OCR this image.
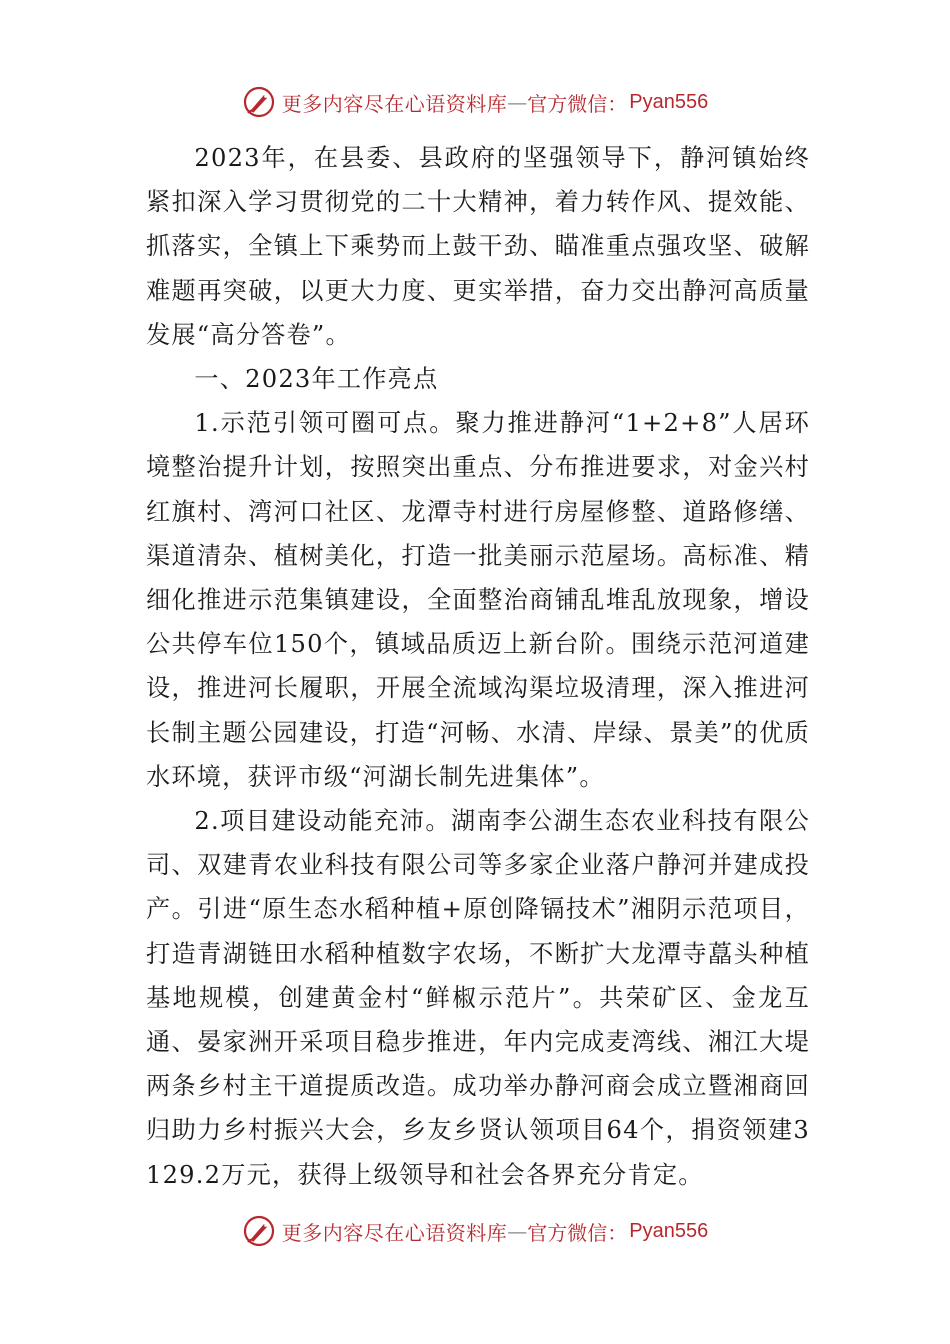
更多内容尽在心语资料库 — 官方微信： Pyan556

2023年，在县委、县政府的坚强领导下，静河镇始终紧扣深入学习贯彻党的二十大精神，着力转作风、提效能、抓落实，全镇上下乘势而上鼓干劲、瞄准重点强攻坚、破解难题再突破，以更大力度、更实举措，奋力交出静河高质量发展“高分答卷”。

一、2023年工作亮点

1.示范引领可圈可点。聚力推进静河“1+2+8”人居环境整治提升计划，按照突出重点、分布推进要求，对金兴村红旗村、湾河口社区、龙潭寺村进行房屋修整、道路修缮、渠道清杂、植树美化，打造一批美丽示范屋场。高标准、精细化推进示范集镇建设，全面整治商铺乱堆乱放现象，增设公共停车位150个，镇域品质迈上新台阶。围绕示范河道建设，推进河长履职，开展全流域沟渠垃圾清理，深入推进河长制主题公园建设，打造“河畅、水清、岸绿、景美”的优质水环境，获评市级“河湖长制先进集体”。

2.项目建设动能充沛。湖南李公湖生态农业科技有限公司、双建青农业科技有限公司等多家企业落户静河并建成投产。引进“原生态水稻种植+原创降镉技术”湘阴示范项目，打造青湖链田水稻种植数字农场，不断扩大龙潭寺藠头种植基地规模，创建黄金村“鲜椒示范片”。共荣矿区、金龙互通、晏家洲开采项目稳步推进，年内完成麦湾线、湘江大堤两条乡村主干道提质改造。成功举办静河商会成立暨湘商回归助力乡村振兴大会，乡友乡贤认领项目64个，捐资领建3129.2万元，获得上级领导和社会各界充分肯定。

更多内容尽在心语资料库 — 官方微信： Pyan556
